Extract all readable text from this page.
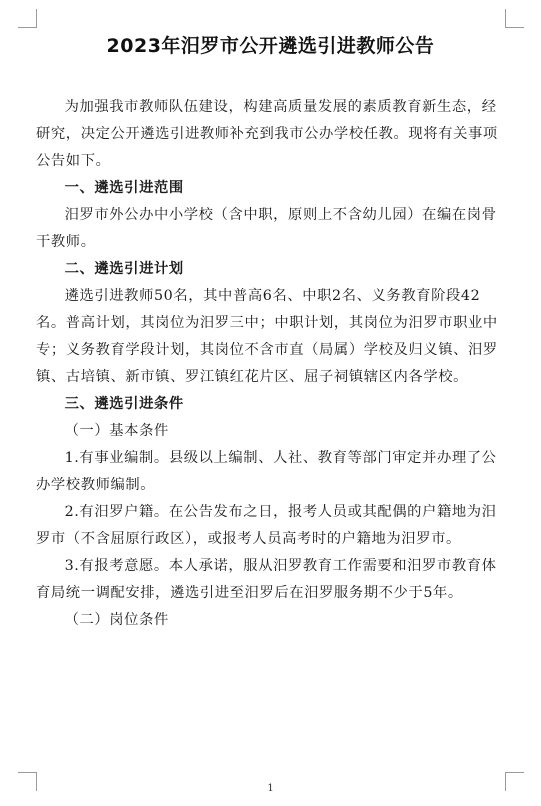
2023年汨罗市公开遴选引进教师公告

为加强我市教师队伍建设，构建高质量发展的素质教育新生态，经研究，决定公开遴选引进教师补充到我市公办学校任教。现将有关事项公告如下。

一、遴选引进范围

汨罗市外公办中小学校（含中职，原则上不含幼儿园）在编在岗骨干教师。

二、遴选引进计划

遴选引进教师50名，其中普高6名、中职2名、义务教育阶段42名。普高计划，其岗位为汨罗三中；中职计划，其岗位为汨罗市职业中专；义务教育学段计划，其岗位不含市直（局属）学校及归义镇、汨罗镇、古培镇、新市镇、罗江镇红花片区、屈子祠镇辖区内各学校。

三、遴选引进条件

（一）基本条件

1.有事业编制。县级以上编制、人社、教育等部门审定并办理了公办学校教师编制。

2.有汨罗户籍。在公告发布之日，报考人员或其配偶的户籍地为汨罗市（不含屈原行政区），或报考人员高考时的户籍地为汨罗市。

3.有报考意愿。本人承诺，服从汨罗教育工作需要和汨罗市教育体育局统一调配安排，遴选引进至汨罗后在汨罗服务期不少于5年。

（二）岗位条件

1
